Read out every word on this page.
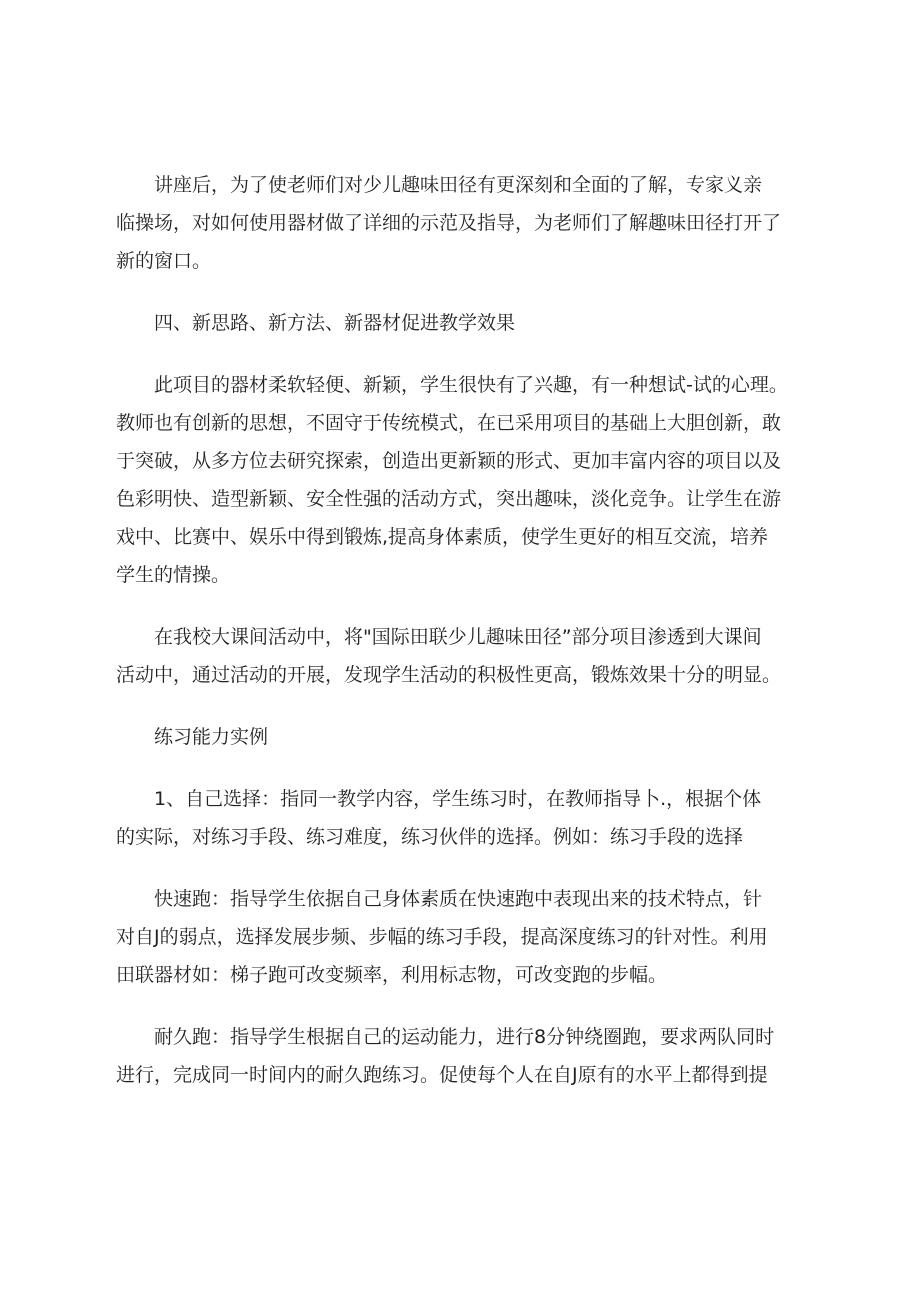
讲座后，为了使老师们对少儿趣味田径有更深刻和全面的了解，专家义亲
临操场，对如何使用器材做了详细的示范及指导，为老师们了解趣味田径打开了
新的窗口。

四、新思路、新方法、新器材促进教学效果

此项目的器材柔软轻便、新颖，学生很快有了兴趣，有一种想试-试的心理。
教师也有创新的思想，不固守于传统模式，在已采用项目的基础上大胆创新，敢
于突破，从多方位去研究探索，创造出更新颖的形式、更加丰富内容的项目以及
色彩明快、造型新颖、安全性强的活动方式，突出趣味，淡化竞争。让学生在游
戏中、比赛中、娱乐中得到锻炼,提高身体素质，使学生更好的相互交流，培养
学生的情操。

在我校大课间活动中，将"国际田联少儿趣味田径”部分项目渗透到大课间
活动中，通过活动的开展，发现学生活动的积极性更高，锻炼效果十分的明显。

练习能力实例

1、自己选择：指同一教学内容，学生练习时，在教师指导卜.，根据个体
的实际，对练习手段、练习难度，练习伙伴的选择。例如：练习手段的选择

快速跑：指导学生依据自己身体素质在快速跑中表现出来的技术特点，针
对自J的弱点，选择发展步频、步幅的练习手段，提高深度练习的针对性。利用
田联器材如：梯子跑可改变频率，利用标志物，可改变跑的步幅。

耐久跑：指导学生根据自己的运动能力，进行8分钟绕圈跑，要求两队同时
进行，完成同一时间内的耐久跑练习。促使每个人在自J原有的水平上都得到提
